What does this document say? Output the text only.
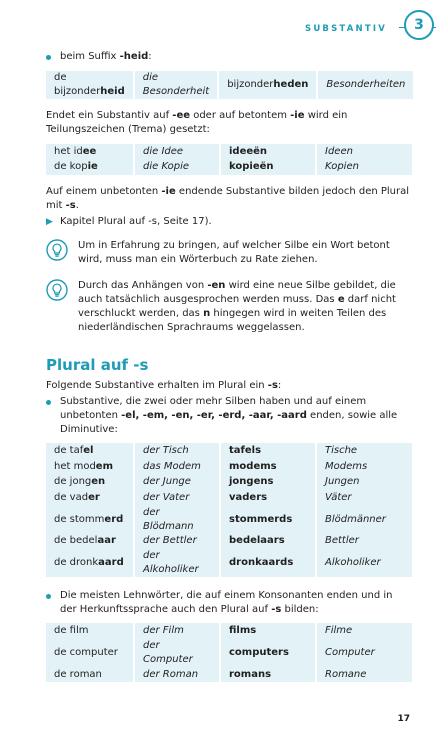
SUBSTANTIV	3
beim Suffix -heid:
de bijzonderheid	die Besonderheit	bijzonderheden	Besonderheiten

Endet ein Substantiv auf -ee oder auf betontem -ie wird ein Teilungszeichen (Trema) gesetzt:

het idee	die Idee	ideeën	Ideen
de kopie	die Kopie	kopieën	Kopien

Auf einem unbetonten -ie endende Substantive bilden jedoch den Plural mit -s.

▶ Kapitel Plural auf -s, Seite 17).

Um in Erfahrung zu bringen, auf welcher Silbe ein Wort betont wird, muss man ein Wörterbuch zu Rate ziehen.

Durch das Anhängen von -en wird eine neue Silbe gebildet, die auch tatsächlich ausgesprochen werden muss. Das e darf nicht verschluckt werden, das n hingegen wird in weiten Teilen des niederländischen Sprachraums weggelassen.

Plural auf -s

Folgende Substantive erhalten im Plural ein -s:

Substantive, die zwei oder mehr Silben haben und auf einem unbetonten -el, -em, -en, -er, -erd, -aar, -aard enden, sowie alle Diminutive:
de tafel	der Tisch	tafels	Tische
het modem	das Modem	modems	Modems
de jongen	der Junge	jongens	Jungen
de vader	der Vater	vaders	Väter
de stommerd	der Blödmann	stommerds	Blödmänner
de bedelaar	der Bettler	bedelaars	Bettler
de dronkaard	der Alkoholiker	dronkaards	Alkoholiker
Die meisten Lehnwörter, die auf einem Konsonanten enden und in der Herkunftssprache auch den Plural auf -s bilden:
de film	der Film	films	Filme
de computer	der Computer	computers	Computer
de roman	der Roman	romans	Romane
17
